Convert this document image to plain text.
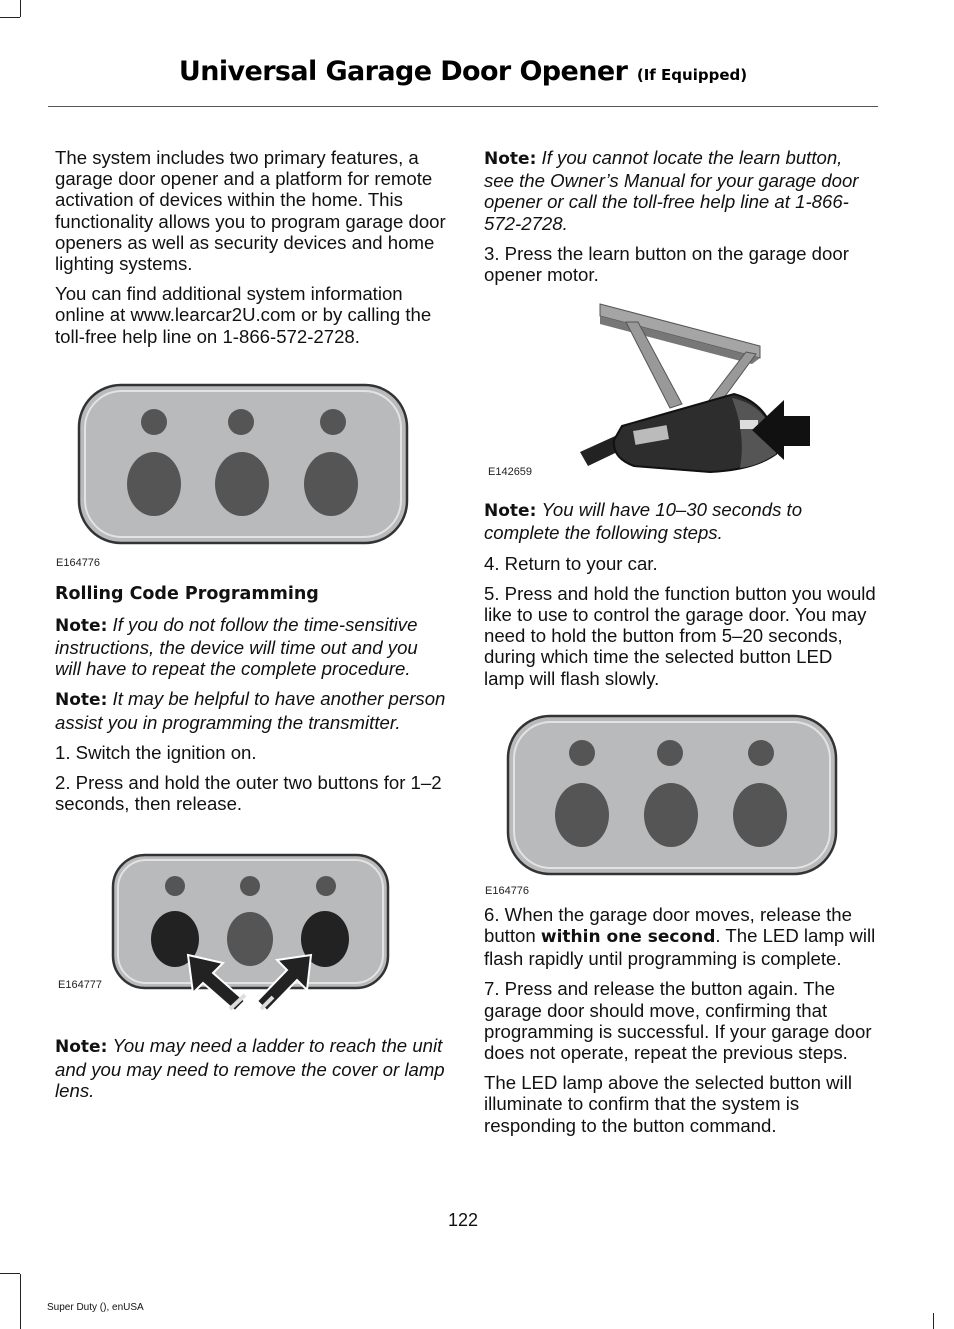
Universal Garage Door Opener (If Equipped)

The system includes two primary features, a garage door opener and a platform for remote activation of devices within the home. This functionality allows you to program garage door openers as well as security devices and home lighting systems.

You can find additional system information online at www.learcar2U.com or by calling the toll-free help line on 1-866-572-2728.

E164776
Rolling Code Programming

Note: If you do not follow the time-sensitive instructions, the device will time out and you will have to repeat the complete procedure.

Note: It may be helpful to have another person assist you in programming the transmitter.

1. Switch the ignition on.

2. Press and hold the outer two buttons for 1–2 seconds, then release.

E164777

Note: You may need a ladder to reach the unit and you may need to remove the cover or lamp lens.

Note: If you cannot locate the learn button, see the Owner’s Manual for your garage door opener or call the toll-free help line at 1-866-572-2728.

3. Press the learn button on the garage door opener motor.

E142659

Note: You will have 10–30 seconds to complete the following steps.

4. Return to your car.

5. Press and hold the function button you would like to use to control the garage door. You may need to hold the button from 5–20 seconds, during which time the selected button LED lamp will flash slowly.

E164776

6. When the garage door moves, release the button within one second. The LED lamp will flash rapidly until programming is complete.

7. Press and release the button again. The garage door should move, confirming that programming is successful. If your garage door does not operate, repeat the previous steps.

The LED lamp above the selected button will illuminate to confirm that the system is responding to the button command.

122
Super Duty (), enUSA
